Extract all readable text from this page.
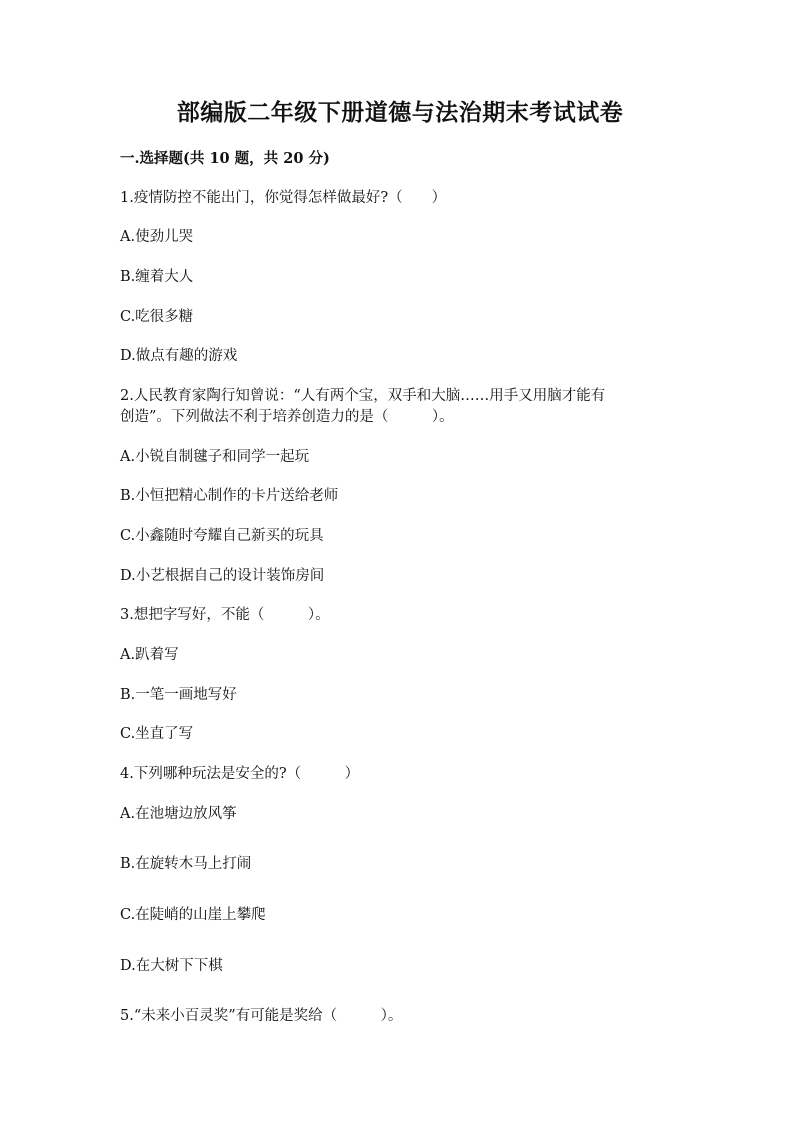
部编版二年级下册道德与法治期末考试试卷
一.选择题(共 10 题，共 20 分)
1.疫情防控不能出门，你觉得怎样做最好?（　　）
A.使劲儿哭
B.缠着大人
C.吃很多糖
D.做点有趣的游戏
2.人民教育家陶行知曾说：“人有两个宝，双手和大脑……用手又用脑才能有
创造”。下列做法不利于培养创造力的是（　　　）。
A.小锐自制毽子和同学一起玩
B.小恒把精心制作的卡片送给老师
C.小鑫随时夸耀自己新买的玩具
D.小艺根据自己的设计装饰房间
3.想把字写好，不能（　　　）。
A.趴着写
B.一笔一画地写好
C.坐直了写
4.下列哪种玩法是安全的?（　　　）
A.在池塘边放风筝
B.在旋转木马上打闹
C.在陡峭的山崖上攀爬
D.在大树下下棋
5.“未来小百灵奖”有可能是奖给（　　　）。
